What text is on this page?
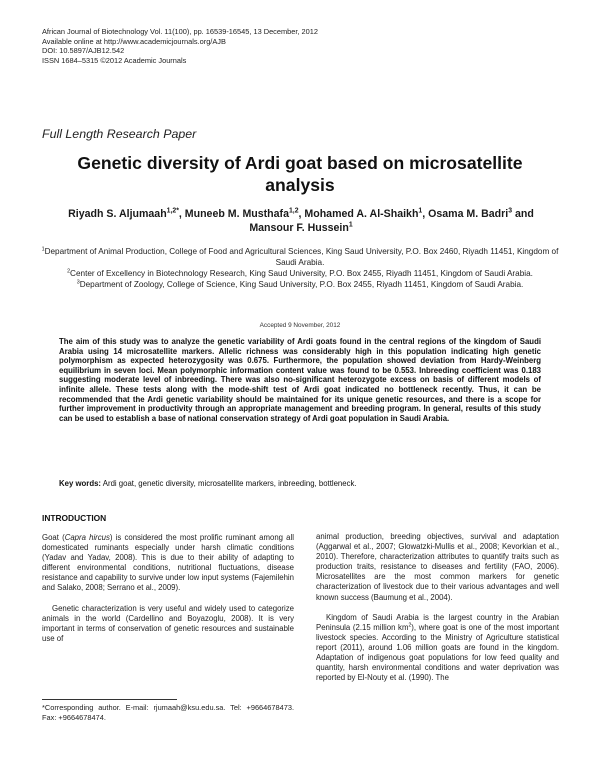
African Journal of Biotechnology Vol. 11(100), pp. 16539-16545, 13 December, 2012
Available online at http://www.academicjournals.org/AJB
DOI: 10.5897/AJB12.542
ISSN 1684–5315 ©2012 Academic Journals
Full Length Research Paper
Genetic diversity of Ardi goat based on microsatellite
analysis
Riyadh S. Aljumaah$^{1,2*}$, Muneeb M. Musthafa$^{1,2}$, Mohamed A. Al-Shaikh$^1$, Osama M. Badri$^3$ and
Mansour F. Hussein$^1$
$^1$Department of Animal Production, College of Food and Agricultural Sciences, King Saud University, P.O. Box 2460, Riyadh 11451, Kingdom of Saudi Arabia.
$^2$Center of Excellency in Biotechnology Research, King Saud University, P.O. Box 2455, Riyadh 11451, Kingdom of Saudi Arabia.
$^3$Department of Zoology, College of Science, King Saud University, P.O. Box 2455, Riyadh 11451, Kingdom of Saudi Arabia.
Accepted 9 November, 2012
The aim of this study was to analyze the genetic variability of Ardi goats found in the central regions of the kingdom of Saudi Arabia using 14 microsatellite markers. Allelic richness was considerably high in this population indicating high genetic polymorphism as expected heterozygosity was 0.675. Furthermore, the population showed deviation from Hardy-Weinberg equilibrium in seven loci. Mean polymorphic information content value was found to be 0.553. Inbreeding coefficient was 0.183 suggesting moderate level of inbreeding. There was also no-significant heterozygote excess on basis of different models of infinite allele. These tests along with the mode-shift test of Ardi goat indicated no bottleneck recently. Thus, it can be recommended that the Ardi genetic variability should be maintained for its unique genetic resources, and there is a scope for further improvement in productivity through an appropriate management and breeding program. In general, results of this study can be used to establish a base of national conservation strategy of Ardi goat population in Saudi Arabia.
Key words: Ardi goat, genetic diversity, microsatellite markers, inbreeding, bottleneck.
INTRODUCTION

Goat (Capra hircus) is considered the most prolific ruminant among all domesticated ruminants especially under harsh climatic conditions (Yadav and Yadav, 2008). This is due to their ability of adapting to different environmental conditions, nutritional fluctuations, disease resistance and capability to survive under low input systems (Fajemilehin and Salako, 2008; Serrano et al., 2009).

Genetic characterization is very useful and widely used to categorize animals in the world (Cardellino and Boyazoglu, 2008). It is very important in terms of conservation of genetic resources and sustainable use of

animal production, breeding objectives, survival and adaptation (Aggarwal et al., 2007; Glowatzki-Mullis et al., 2008; Kevorkian et al., 2010). Therefore, characterization attributes to quantify traits such as production traits, resistance to diseases and fertility (FAO, 2006). Microsatellites are the most common markers for genetic characterization of livestock due to their various advantages and well known success (Baumung et al., 2004).

Kingdom of Saudi Arabia is the largest country in the Arabian Peninsula (2.15 million $km^2$), where goat is one of the most important livestock species. According to the Ministry of Agriculture statistical report (2011), around 1.06 million goats are found in the kingdom. Adaptation of indigenous goat populations for low feed quality and quantity, harsh environmental conditions and water deprivation was reported by El-Nouty et al. (1990). The

*Corresponding author. E-mail: rjumaah@ksu.edu.sa. Tel: +9664678473. Fax: +9664678474.
